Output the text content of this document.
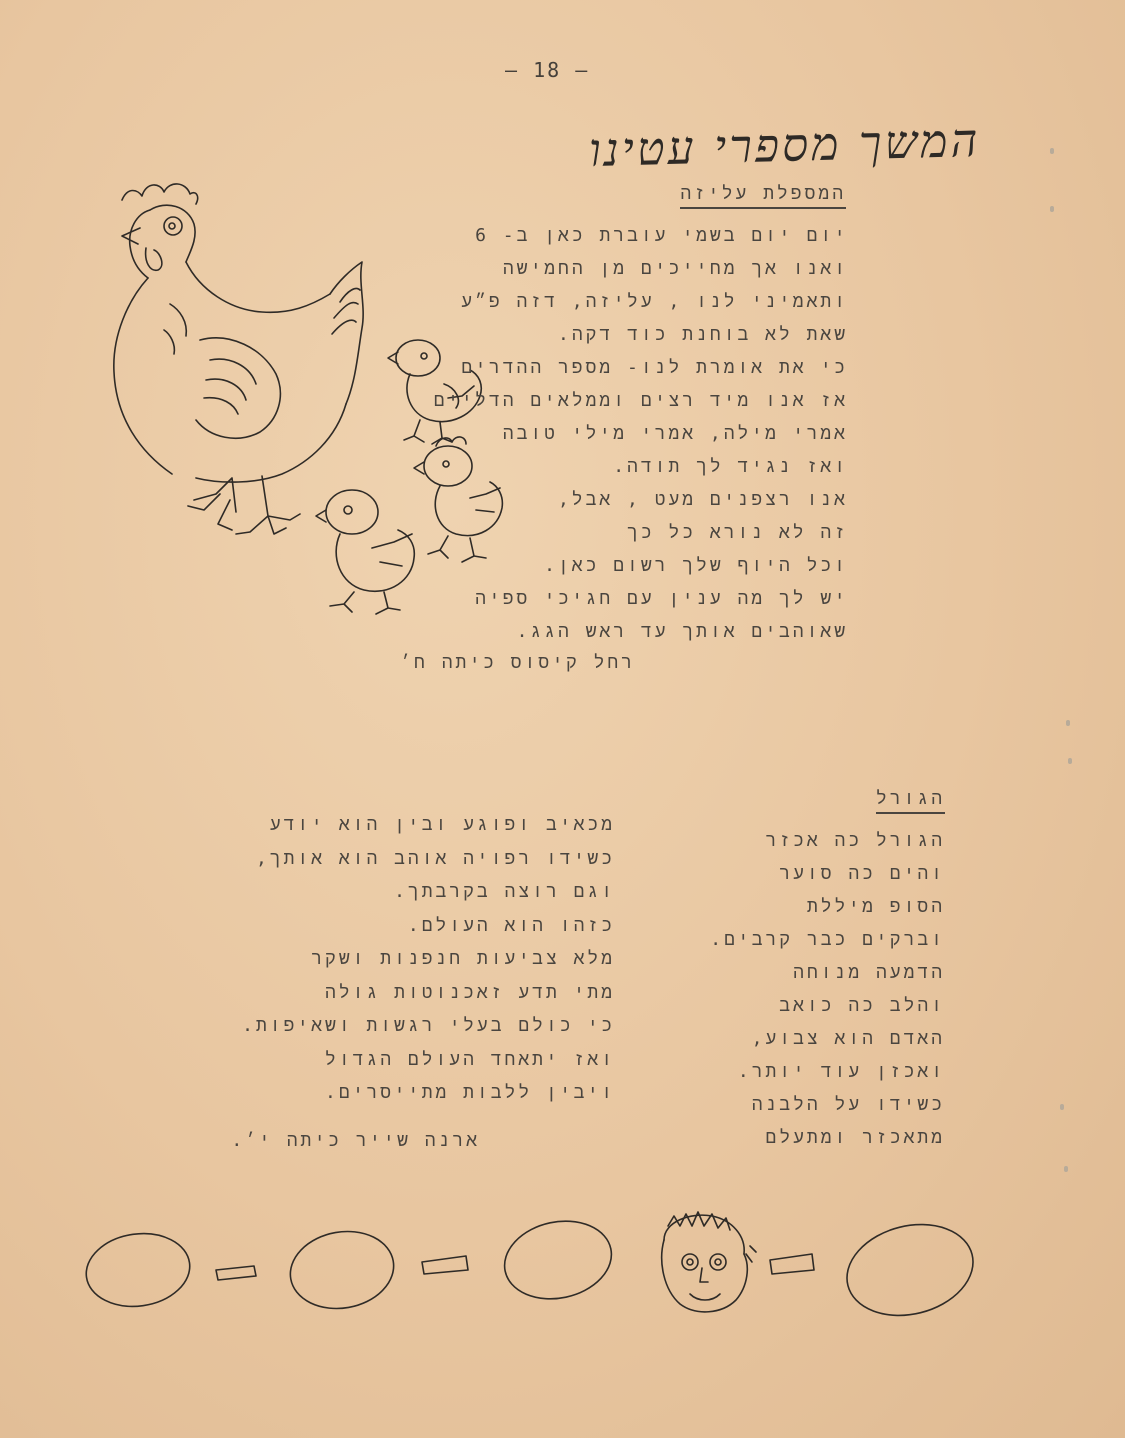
– 18 –
המשך מספרי עטינו
המספלת עליזה
יום יום בשמי עוברת כאן ב- 6
ואנו אך מחייכים מן החמישה
ותאמיני לנו , עליזה, דזה פ״ע
שאת לא בוחנת כוד דקה.
כי את אומרת לנו- מספר ההדרים
אז אנו מיד רצים וממלאים הדליים
אמרי מילה, אמרי מילי טובה
ואז נגיד לך תודה.
אנו רצפנים מעט , אבל,
זה לא נורא כל כך
וכל היוף שלך רשום כאן.
יש לך מה ענין עם חגיכי ספיה
שאוהבים אותך עד ראש הגג.
רחל קיסוס כיתה ח׳
הגורל
הגורל כה אכזר
והים כה סוער
הסופ מיללת
וברקים כבר קרבים.
הדמעה מנוחה
והלב כה כואב
האדם הוא צבוע,
ואכזן עוד יותר.
כשידו על הלבנה
מתאכזר ומתעלם
מכאיב ופוגע ובין הוא יודע
כשידו רפויה אוהב הוא אותך,
וגם רוצה בקרבתך.
כזהו הוא העולם.
מלא צביעות חנפנות ושקר
מתי תדע זאכנוטות גולה
כי כולם בעלי רגשות ושאיפות.
ואז יתאחד העולם הגדול
ויבין ללבות מתייסרים.
ארנה שייר כיתה י׳.
